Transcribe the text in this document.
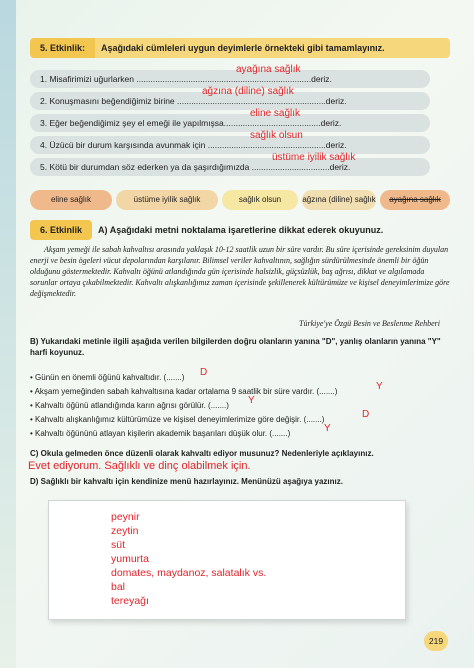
5. Etkinlik: Aşağıdaki cümleleri uygun deyimlerle örnekteki gibi tamamlayınız.
1. Misafirimizi uğurlarken ..........................................................................deriz.
ayağına sağlık
2. Konuşmasını beğendiğimiz birine ...............................................................deriz.
ağzına (diline) sağlık
3. Eğer beğendiğimiz şey el emeği ile yapılmışsa.........................................deriz.
eline sağlık
4. Üzücü bir durum karşısında avunmak için ..................................................deriz.
sağlık olsun
5. Kötü bir durumdan söz ederken ya da şaşırdığımızda .................................deriz.
üstüme iyilik sağlık
eline sağlık	üstüme iyilik sağlık	sağlık olsun	ağzına (diline) sağlık	ayağına sağlık
6. Etkinlik A) Aşağıdaki metni noktalama işaretlerine dikkat ederek okuyunuz.
Akşam yemeği ile sabah kahvaltısı arasında yaklaşık 10-12 saatlik uzun bir süre vardır. Bu süre içerisinde gereksinim duyulan enerji ve besin ögeleri vücut depolarından karşılanır. Bilimsel veriler kahvaltının, sağlığın sürdürülmesinde önemli bir öğün olduğunu göstermektedir. Kahvaltı öğünü atlandığında gün içerisinde halsizlik, güçsüzlük, baş ağrısı, dikkat ve algılamada sorunlar ortaya çıkabilmektedir. Kahvaltı alışkanlığımız zaman içerisinde şekillenerek kültürümüze ve kişisel deneyimlerimize göre değişmektedir.
Türkiye'ye Özgü Besin ve Beslenme Rehberi
B) Yukarıdaki metinle ilgili aşağıda verilen bilgilerden doğru olanların yanına "D", yanlış olanların yanına "Y" harfi koyunuz.
• Günün en önemli öğünü kahvaltıdır. (.......)	D
• Akşam yemeğinden sabah kahvaltısına kadar ortalama 9 saatlik bir süre vardır. (.......)	Y
• Kahvaltı öğünü atlandığında karın ağrısı görülür. (.......)	Y
• Kahvaltı alışkanlığımız kültürümüze ve kişisel deneyimlerimize göre değişir. (.......)	D
• Kahvaltı öğününü atlayan kişilerin akademik başarıları düşük olur. (.......)	Y
C) Okula gelmeden önce düzenli olarak kahvaltı ediyor musunuz? Nedenleriyle açıklayınız.
Evet ediyorum. Sağlıklı ve dinç olabilmek için.
D) Sağlıklı bir kahvaltı için kendinize menü hazırlayınız. Menünüzü aşağıya yazınız.
peynir
zeytin
süt
yumurta
domates, maydanoz, salatalık vs.
bal
tereyağı
219
